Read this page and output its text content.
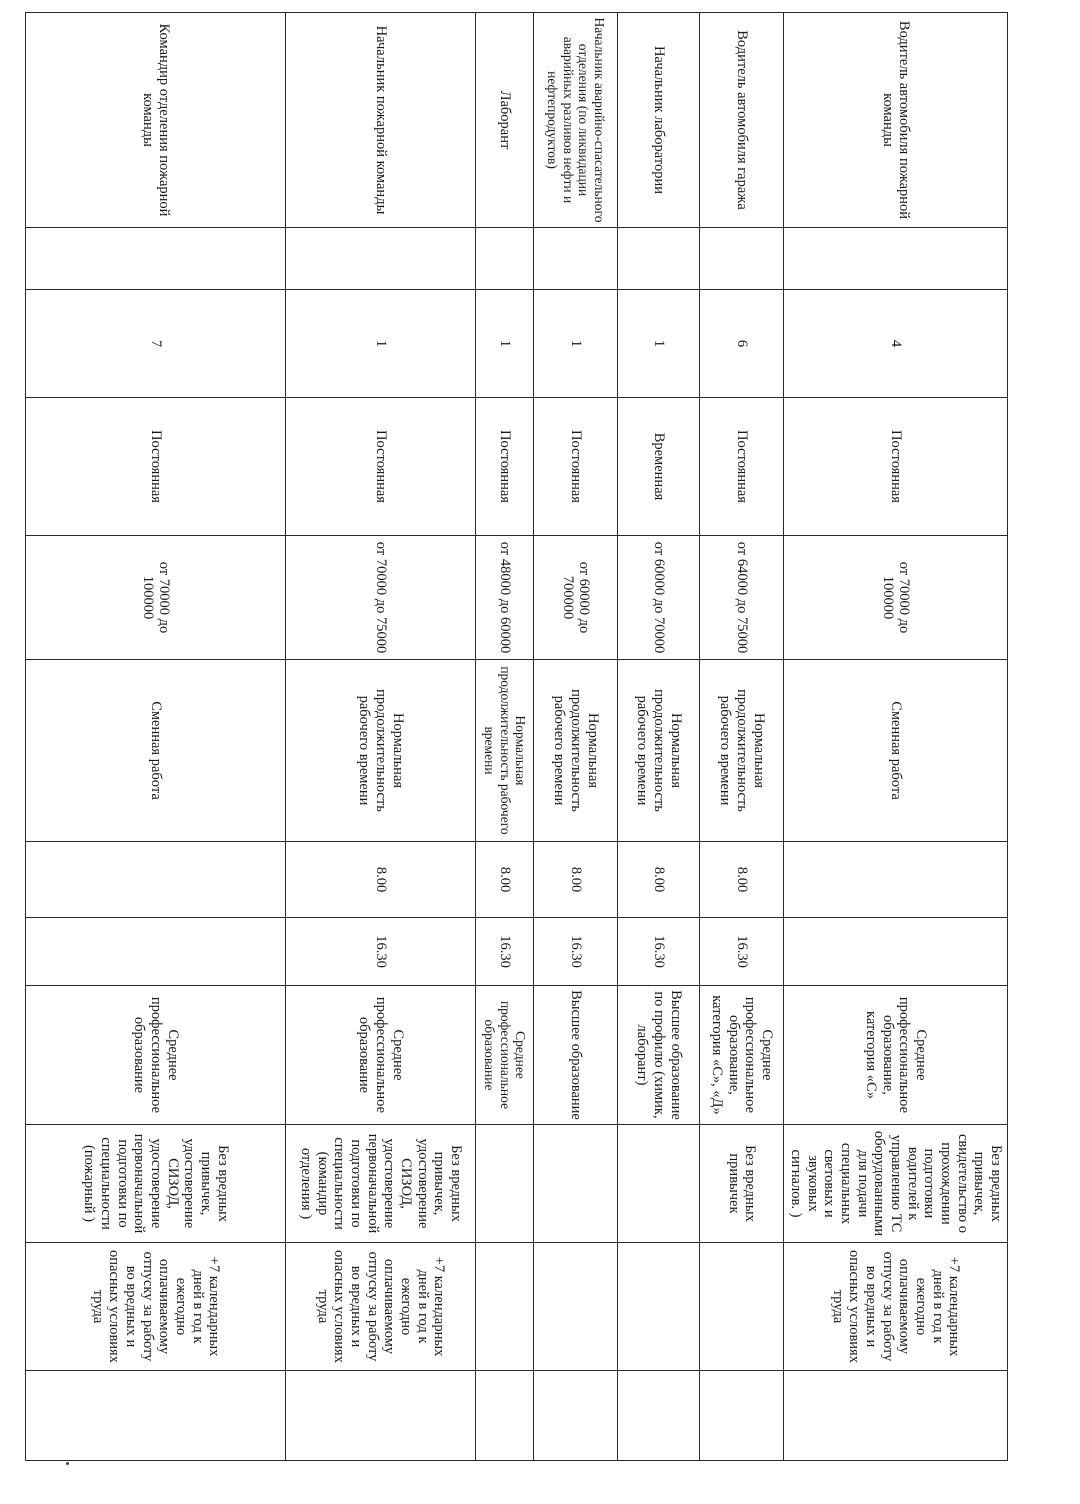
Водитель автомобиля пожарной команды		4	Постоянная	от 70000 до 100000	Сменная работа			Среднее профессиональное образование, категория «С»	Без вредных привычек, свидетельство о прохождении подготовки водителей к управлению ТС оборудованными для подачи специальных световых и звуковых сигналов. )	+7 календарных дней в год к ежегодно оплачиваемому отпуску за работу во вредных и опасных условиях труда	
Водитель автомобиля гаража		6	Постоянная	от 64000 до 75000	Нормальная продолжительность рабочего времени	8.00	16.30	Среднее профессиональное образование, категория «С», «Д»	Без вредных привычек		
Начальник лаборатории		1	Временная	от 60000 до 70000	Нормальная продолжительность рабочего времени	8.00	16.30	Высшее образование по профилю (химик, лаборант)			
Начальник аварийно-спасательного отделения (по ликвидации аварийных разливов нефти и нефтепродуктов)		1	Постоянная	от 60000 до 700000	Нормальная продолжительность рабочего времени	8.00	16.30	Высшее образование			
Лаборант		1	Постоянная	от 48000 до 60000	Нормальная продолжительность рабочего времени	8.00	16.30	Среднее профессиональное образование			
Начальник пожарной команды		1	Постоянная	от 70000 до 75000	Нормальная продолжительность рабочего времени	8.00	16.30	Среднее профессиональное образование	Без вредных привычек, удостоверение СИЗОД, удостоверение первоначальной подготовки по специальности (командир отделения )	+7 календарных дней в год к ежегодно оплачиваемому отпуску за работу во вредных и опасных условиях труда	
Командир отделения пожарной команды		7	Постоянная	от 70000 до 100000	Сменная работа			Среднее профессиональное образование	Без вредных привычек, удостоверение СИЗОД, удостоверение первоначальной подготовки по специальности (пожарный )	+7 календарных дней в год к ежегодно оплачиваемому отпуску за работу во вредных и опасных условиях труда	
